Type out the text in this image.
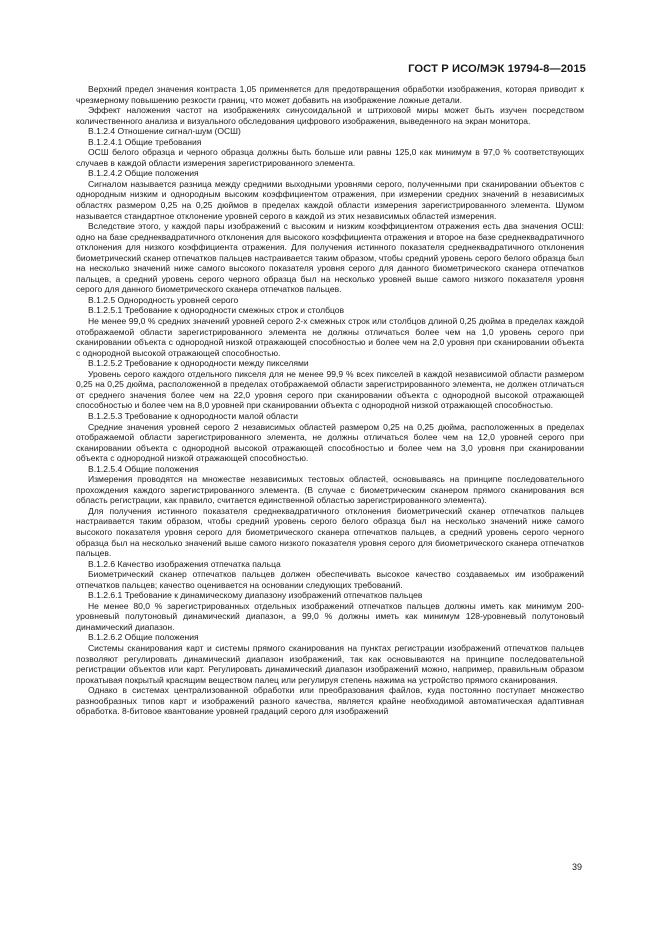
ГОСТ Р ИСО/МЭК 19794-8—2015

Верхний предел значения контраста 1,05 применяется для предотвращения обработки изображения, которая приводит к чрезмерному повышению резкости границ, что может добавить на изображение ложные детали.

Эффект наложения частот на изображениях синусоидальной и штриховой миры может быть изучен посредством количественного анализа и визуального обследования цифрового изображения, выведенного на экран монитора.

В.1.2.4 Отношение сигнал-шум (ОСШ)

В.1.2.4.1 Общие требования

ОСШ белого образца и черного образца должны быть больше или равны 125,0 как минимум в 97,0 % соответствующих случаев в каждой области измерения зарегистрированного элемента.

В.1.2.4.2 Общие положения

Сигналом называется разница между средними выходными уровнями серого, полученными при сканировании объектов с однородным низким и однородным высоким коэффициентом отражения, при измерении средних значений в независимых областях размером 0,25 на 0,25 дюймов в пределах каждой области измерения зарегистрированного элемента. Шумом называется стандартное отклонение уровней серого в каждой из этих независимых областей измерения.

Вследствие этого, у каждой пары изображений с высоким и низким коэффициентом отражения есть два значения ОСШ: одно на базе среднеквадратичного отклонения для высокого коэффициента отражения и второе на базе среднеквадратичного отклонения для низкого коэффициента отражения. Для получения истинного показателя среднеквадратичного отклонения биометрический сканер отпечатков пальцев настраивается таким образом, чтобы средний уровень серого белого образца был на несколько значений ниже самого высокого показателя уровня серого для данного биометрического сканера отпечатков пальцев, а средний уровень серого черного образца был на несколько уровней выше самого низкого показателя уровня серого для данного биометрического сканера отпечатков пальцев.

В.1.2.5 Однородность уровней серого

В.1.2.5.1 Требование к однородности смежных строк и столбцов

Не менее 99,0 % средних значений уровней серого 2-х смежных строк или столбцов длиной 0,25 дюйма в пределах каждой отображаемой области зарегистрированного элемента не должны отличаться более чем на 1,0 уровень серого при сканировании объекта с однородной низкой отражающей способностью и более чем на 2,0 уровня при сканировании объекта с однородной высокой отражающей способностью.

В.1.2.5.2 Требование к однородности между пикселями

Уровень серого каждого отдельного пикселя для не менее 99,9 % всех пикселей в каждой независимой области размером 0,25 на 0,25 дюйма, расположенной в пределах отображаемой области зарегистрированного элемента, не должен отличаться от среднего значения более чем на 22,0 уровня серого при сканировании объекта с однородной высокой отражающей способностью и более чем на 8,0 уровней при сканировании объекта с однородной низкой отражающей способностью.

В.1.2.5.3 Требование к однородности малой области

Средние значения уровней серого 2 независимых областей размером 0,25 на 0,25 дюйма, расположенных в пределах отображаемой области зарегистрированного элемента, не должны отличаться более чем на 12,0 уровней серого при сканировании объекта с однородной высокой отражающей способностью и более чем на 3,0 уровня при сканировании объекта с однородной низкой отражающей способностью.

В.1.2.5.4 Общие положения

Измерения проводятся на множестве независимых тестовых областей, основываясь на принципе последовательного прохождения каждого зарегистрированного элемента. (В случае с биометрическим сканером прямого сканирования вся область регистрации, как правило, считается единственной областью зарегистрированного элемента).

Для получения истинного показателя среднеквадратичного отклонения биометрический сканер отпечатков пальцев настраивается таким образом, чтобы средний уровень серого белого образца был на несколько значений ниже самого высокого показателя уровня серого для биометрического сканера отпечатков пальцев, а средний уровень серого черного образца был на несколько значений выше самого низкого показателя уровня серого для биометрического сканера отпечатков пальцев.

В.1.2.6 Качество изображения отпечатка пальца

Биометрический сканер отпечатков пальцев должен обеспечивать высокое качество создаваемых им изображений отпечатков пальцев; качество оценивается на основании следующих требований.

В.1.2.6.1 Требование к динамическому диапазону изображений отпечатков пальцев

Не менее 80,0 % зарегистрированных отдельных изображений отпечатков пальцев должны иметь как минимум 200-уровневый полутоновый динамический диапазон, а 99,0 % должны иметь как минимум 128-уровневый полутоновый динамический диапазон.

В.1.2.6.2 Общие положения

Системы сканирования карт и системы прямого сканирования на пунктах регистрации изображений отпечатков пальцев позволяют регулировать динамический диапазон изображений, так как основываются на принципе последовательной регистрации объектов или карт. Регулировать динамический диапазон изображений можно, например, правильным образом прокатывая покрытый красящим веществом палец или регулируя степень нажима на устройство прямого сканирования.

Однако в системах централизованной обработки или преобразования файлов, куда постоянно поступает множество разнообразных типов карт и изображений разного качества, является крайне необходимой автоматическая адаптивная обработка. 8-битовое квантование уровней градаций серого для изображений

39
